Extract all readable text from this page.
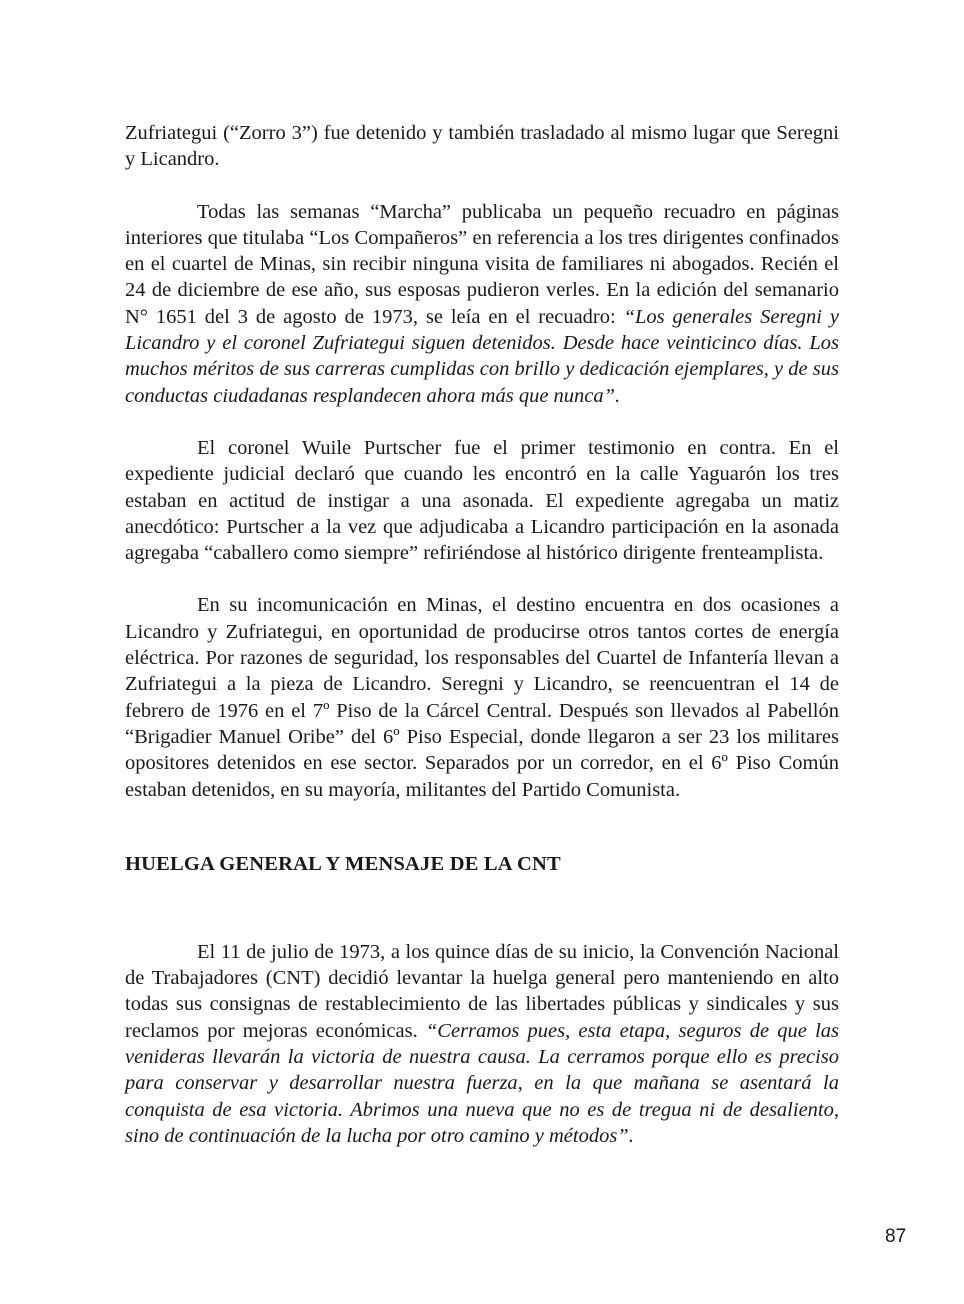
Zufriategui (“Zorro 3”) fue detenido y también trasladado al mismo lugar que Seregni y Licandro.

Todas las semanas “Marcha” publicaba un pequeño recuadro en páginas interiores que titulaba “Los Compañeros” en referencia a los tres dirigentes confinados en el cuartel de Minas, sin recibir ninguna visita de familiares ni abogados. Recién el 24 de diciembre de ese año, sus esposas pudieron verles. En la edición del semanario N° 1651 del 3 de agosto de 1973, se leía en el recuadro: “Los generales Seregni y Licandro y el coronel Zufriategui siguen detenidos. Desde hace veinticinco días. Los muchos méritos de sus carreras cumplidas con brillo y dedicación ejemplares, y de sus conductas ciudadanas resplandecen ahora más que nunca”.

El coronel Wuile Purtscher fue el primer testimonio en contra. En el expediente judicial declaró que cuando les encontró en la calle Yaguarón los tres estaban en actitud de instigar a una asonada. El expediente agregaba un matiz anecdótico: Purtscher a la vez que adjudicaba a Licandro participación en la asonada agregaba “caballero como siempre” refiriéndose al histórico dirigente frenteamplista.

En su incomunicación en Minas, el destino encuentra en dos ocasiones a Licandro y Zufriategui, en oportunidad de producirse otros tantos cortes de energía eléctrica. Por razones de seguridad, los responsables del Cuartel de Infantería llevan a Zufriategui a la pieza de Licandro. Seregni y Licandro, se reencuentran el 14 de febrero de 1976 en el 7º Piso de la Cárcel Central. Después son llevados al Pabellón “Brigadier Manuel Oribe” del 6º Piso Especial, donde llegaron a ser 23 los militares opositores detenidos en ese sector. Separados por un corredor, en el 6º Piso Común estaban detenidos, en su mayoría, militantes del Partido Comunista.

HUELGA GENERAL Y MENSAJE DE LA CNT

El 11 de julio de 1973, a los quince días de su inicio, la Convención Nacional de Trabajadores (CNT) decidió levantar la huelga general pero manteniendo en alto todas sus consignas de restablecimiento de las libertades públicas y sindicales y sus reclamos por mejoras económicas. “Cerramos pues, esta etapa, seguros de que las venideras llevarán la victoria de nuestra causa. La cerramos porque ello es preciso para conservar y desarrollar nuestra fuerza, en la que mañana se asentará la conquista de esa victoria. Abrimos una nueva que no es de tregua ni de desaliento, sino de continuación de la lucha por otro camino y métodos”.

87
